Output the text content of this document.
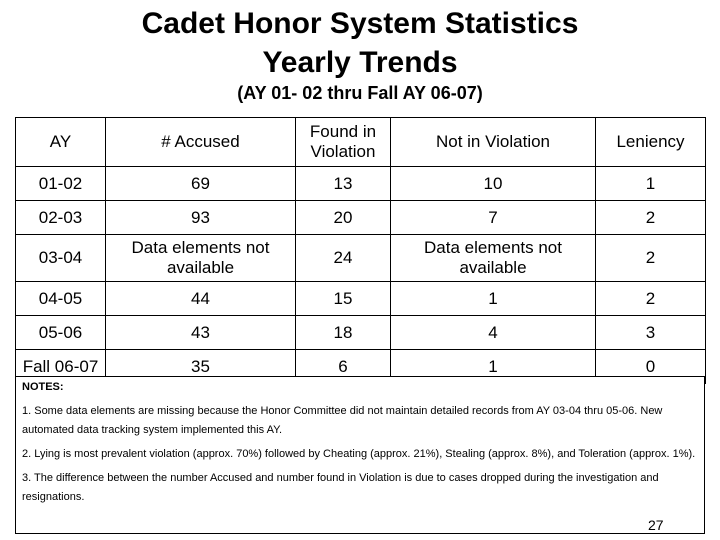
Cadet Honor System Statistics
Yearly Trends
(AY 01- 02 thru Fall AY 06-07)
AY	# Accused	Found in Violation	Not in Violation	Leniency
01-02	69	13	10	1
02-03	93	20	7	2
03-04	Data elements not available	24	Data elements not available	2
04-05	44	15	1	2
05-06	43	18	4	3
Fall 06-07	35	6	1	0
NOTES:
1. Some data elements are missing because the Honor Committee did not maintain detailed records from AY 03-04 thru 05-06. New automated data tracking system implemented this AY.
2. Lying is most prevalent violation (approx. 70%) followed by Cheating (approx. 21%), Stealing (approx. 8%), and Toleration (approx. 1%).
3. The difference between the number Accused and number found in Violation is due to cases dropped during the investigation and resignations.
27
